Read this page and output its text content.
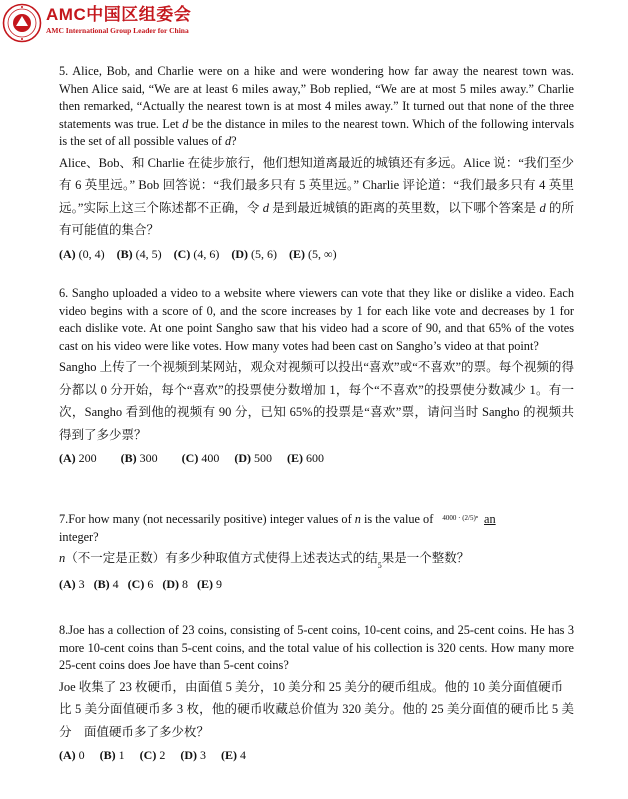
AMC中国区组委会
AMC International Group Leader for China

5. Alice, Bob, and Charlie were on a hike and were wondering how far away the nearest town was. When Alice said, “We are at least 6 miles away,” Bob replied, “We are at most 5 miles away.” Charlie then remarked, “Actually the nearest town is at most 4 miles away.” It turned out that none of the three statements was true. Let d be the distance in miles to the nearest town. Which of the following intervals is the set of all possible values of d?

Alice、Bob、和 Charlie 在徒步旅行，他们想知道离最近的城镇还有多远。Alice 说：“我们至少有 6 英里远。” Bob 回答说：“我们最多只有 5 英里远。” Charlie 评论道：“我们最多只有 4 英里远。”实际上这三个陈述都不正确，令 d 是到最近城镇的距离的英里数，以下哪个答案是 d 的所有可能值的集合？

(A) (0, 4) (B) (4, 5) (C) (4, 6) (D) (5, 6) (E) (5, ∞)

6. Sangho uploaded a video to a website where viewers can vote that they like or dislike a video. Each video begins with a score of 0, and the score increases by 1 for each like vote and decreases by 1 for each dislike vote. At one point Sangho saw that his video had a score of 90, and that 65% of the votes cast on his video were like votes. How many votes had been cast on Sangho’s video at that point?

Sangho 上传了一个视频到某网站，观众对视频可以投出“喜欢”或“不喜欢”的票。每个视频的得分都以 0 分开始，每个“喜欢”的投票使分数增加 1，每个“不喜欢”的投票使分数减少 1。有一次，Sangho 看到他的视频有 90 分，已知 65%的投票是“喜欢”票，请问当时 Sangho 的视频共得到了多少票？

(A) 200 (B) 300 (C) 400 (D) 500 (E) 600

7.For how many (not necessarily positive) integer values of n is the value of $^{4000 \cdot (2/5)^n}$ an

integer?

n（不一定是正数）有多少种取值方式使得上述表达式的结$_5$果是一个整数？

(A) 3 (B) 4 (C) 6 (D) 8 (E) 9

8.Joe has a collection of 23 coins, consisting of 5-cent coins, 10-cent coins, and 25-cent coins. He has 3 more 10-cent coins than 5-cent coins, and the total value of his collection is 320 cents. How many more 25-cent coins does Joe have than 5-cent coins?

Joe 收集了 23 枚硬币，由面值 5 美分，10 美分和 25 美分的硬币组成。他的 10 美分面值硬币

比 5 美分面值硬币多 3 枚，他的硬币收藏总价值为 320 美分。他的 25 美分面值的硬币比 5 美分　面值硬币多了多少枚？

(A) 0 (B) 1 (C) 2 (D) 3 (E) 4
